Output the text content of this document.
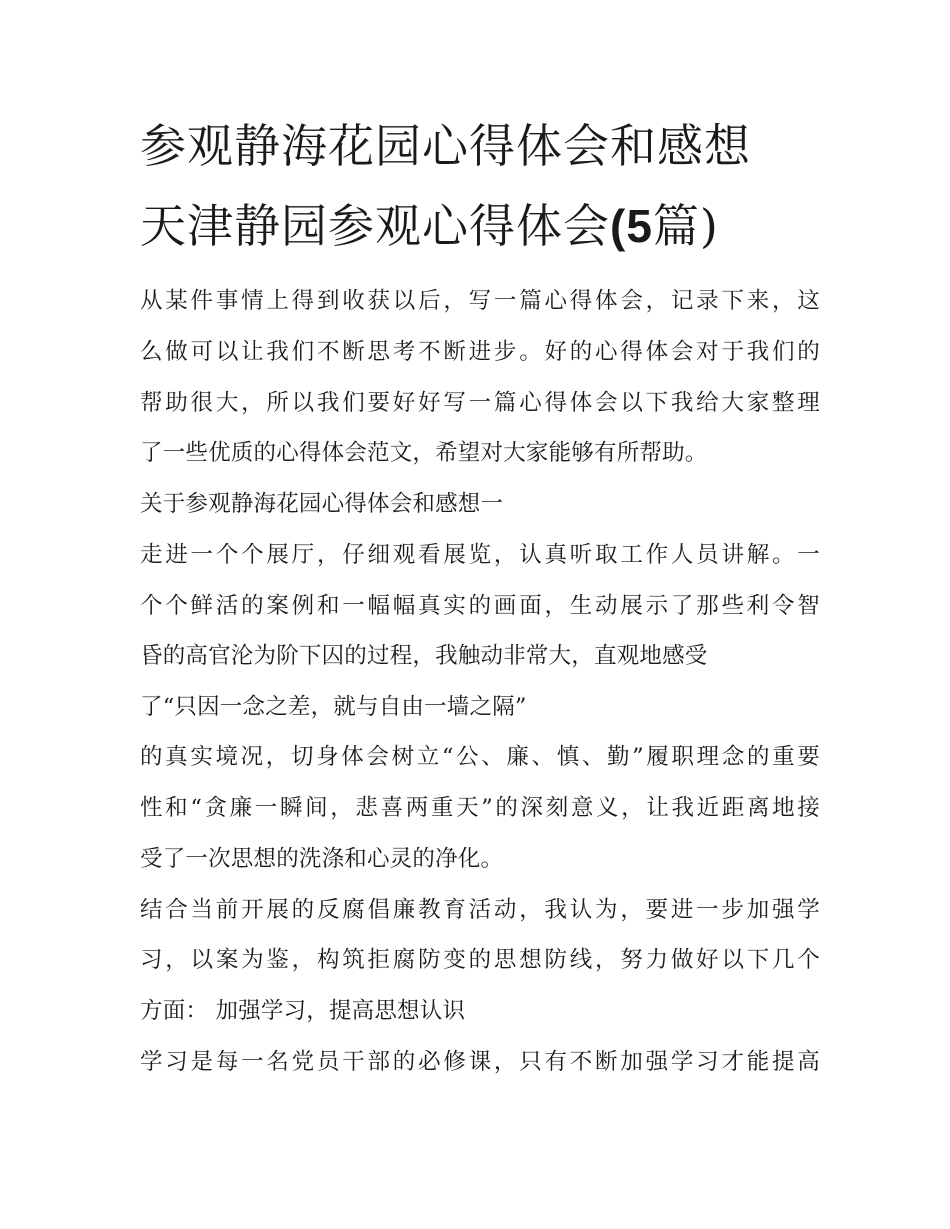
参观静海花园心得体会和感想
天津静园参观心得体会(5篇)

从某件事情上得到收获以后，写一篇心得体会，记录下来，这

么做可以让我们不断思考不断进步。好的心得体会对于我们的

帮助很大，所以我们要好好写一篇心得体会以下我给大家整理

了一些优质的心得体会范文，希望对大家能够有所帮助。

关于参观静海花园心得体会和感想一

走进一个个展厅，仔细观看展览，认真听取工作人员讲解。一

个个鲜活的案例和一幅幅真实的画面，生动展示了那些利令智

昏的高官沦为阶下囚的过程，我触动非常大，直观地感受

了“只因一念之差，就与自由一墙之隔”

的真实境况，切身体会树立“公、廉、慎、勤”履职理念的重要

性和“贪廉一瞬间，悲喜两重天”的深刻意义，让我近距离地接

受了一次思想的洗涤和心灵的净化。

结合当前开展的反腐倡廉教育活动，我认为，要进一步加强学

习，以案为鉴，构筑拒腐防变的思想防线，努力做好以下几个

方面： 加强学习，提高思想认识

学习是每一名党员干部的必修课，只有不断加强学习才能提高
